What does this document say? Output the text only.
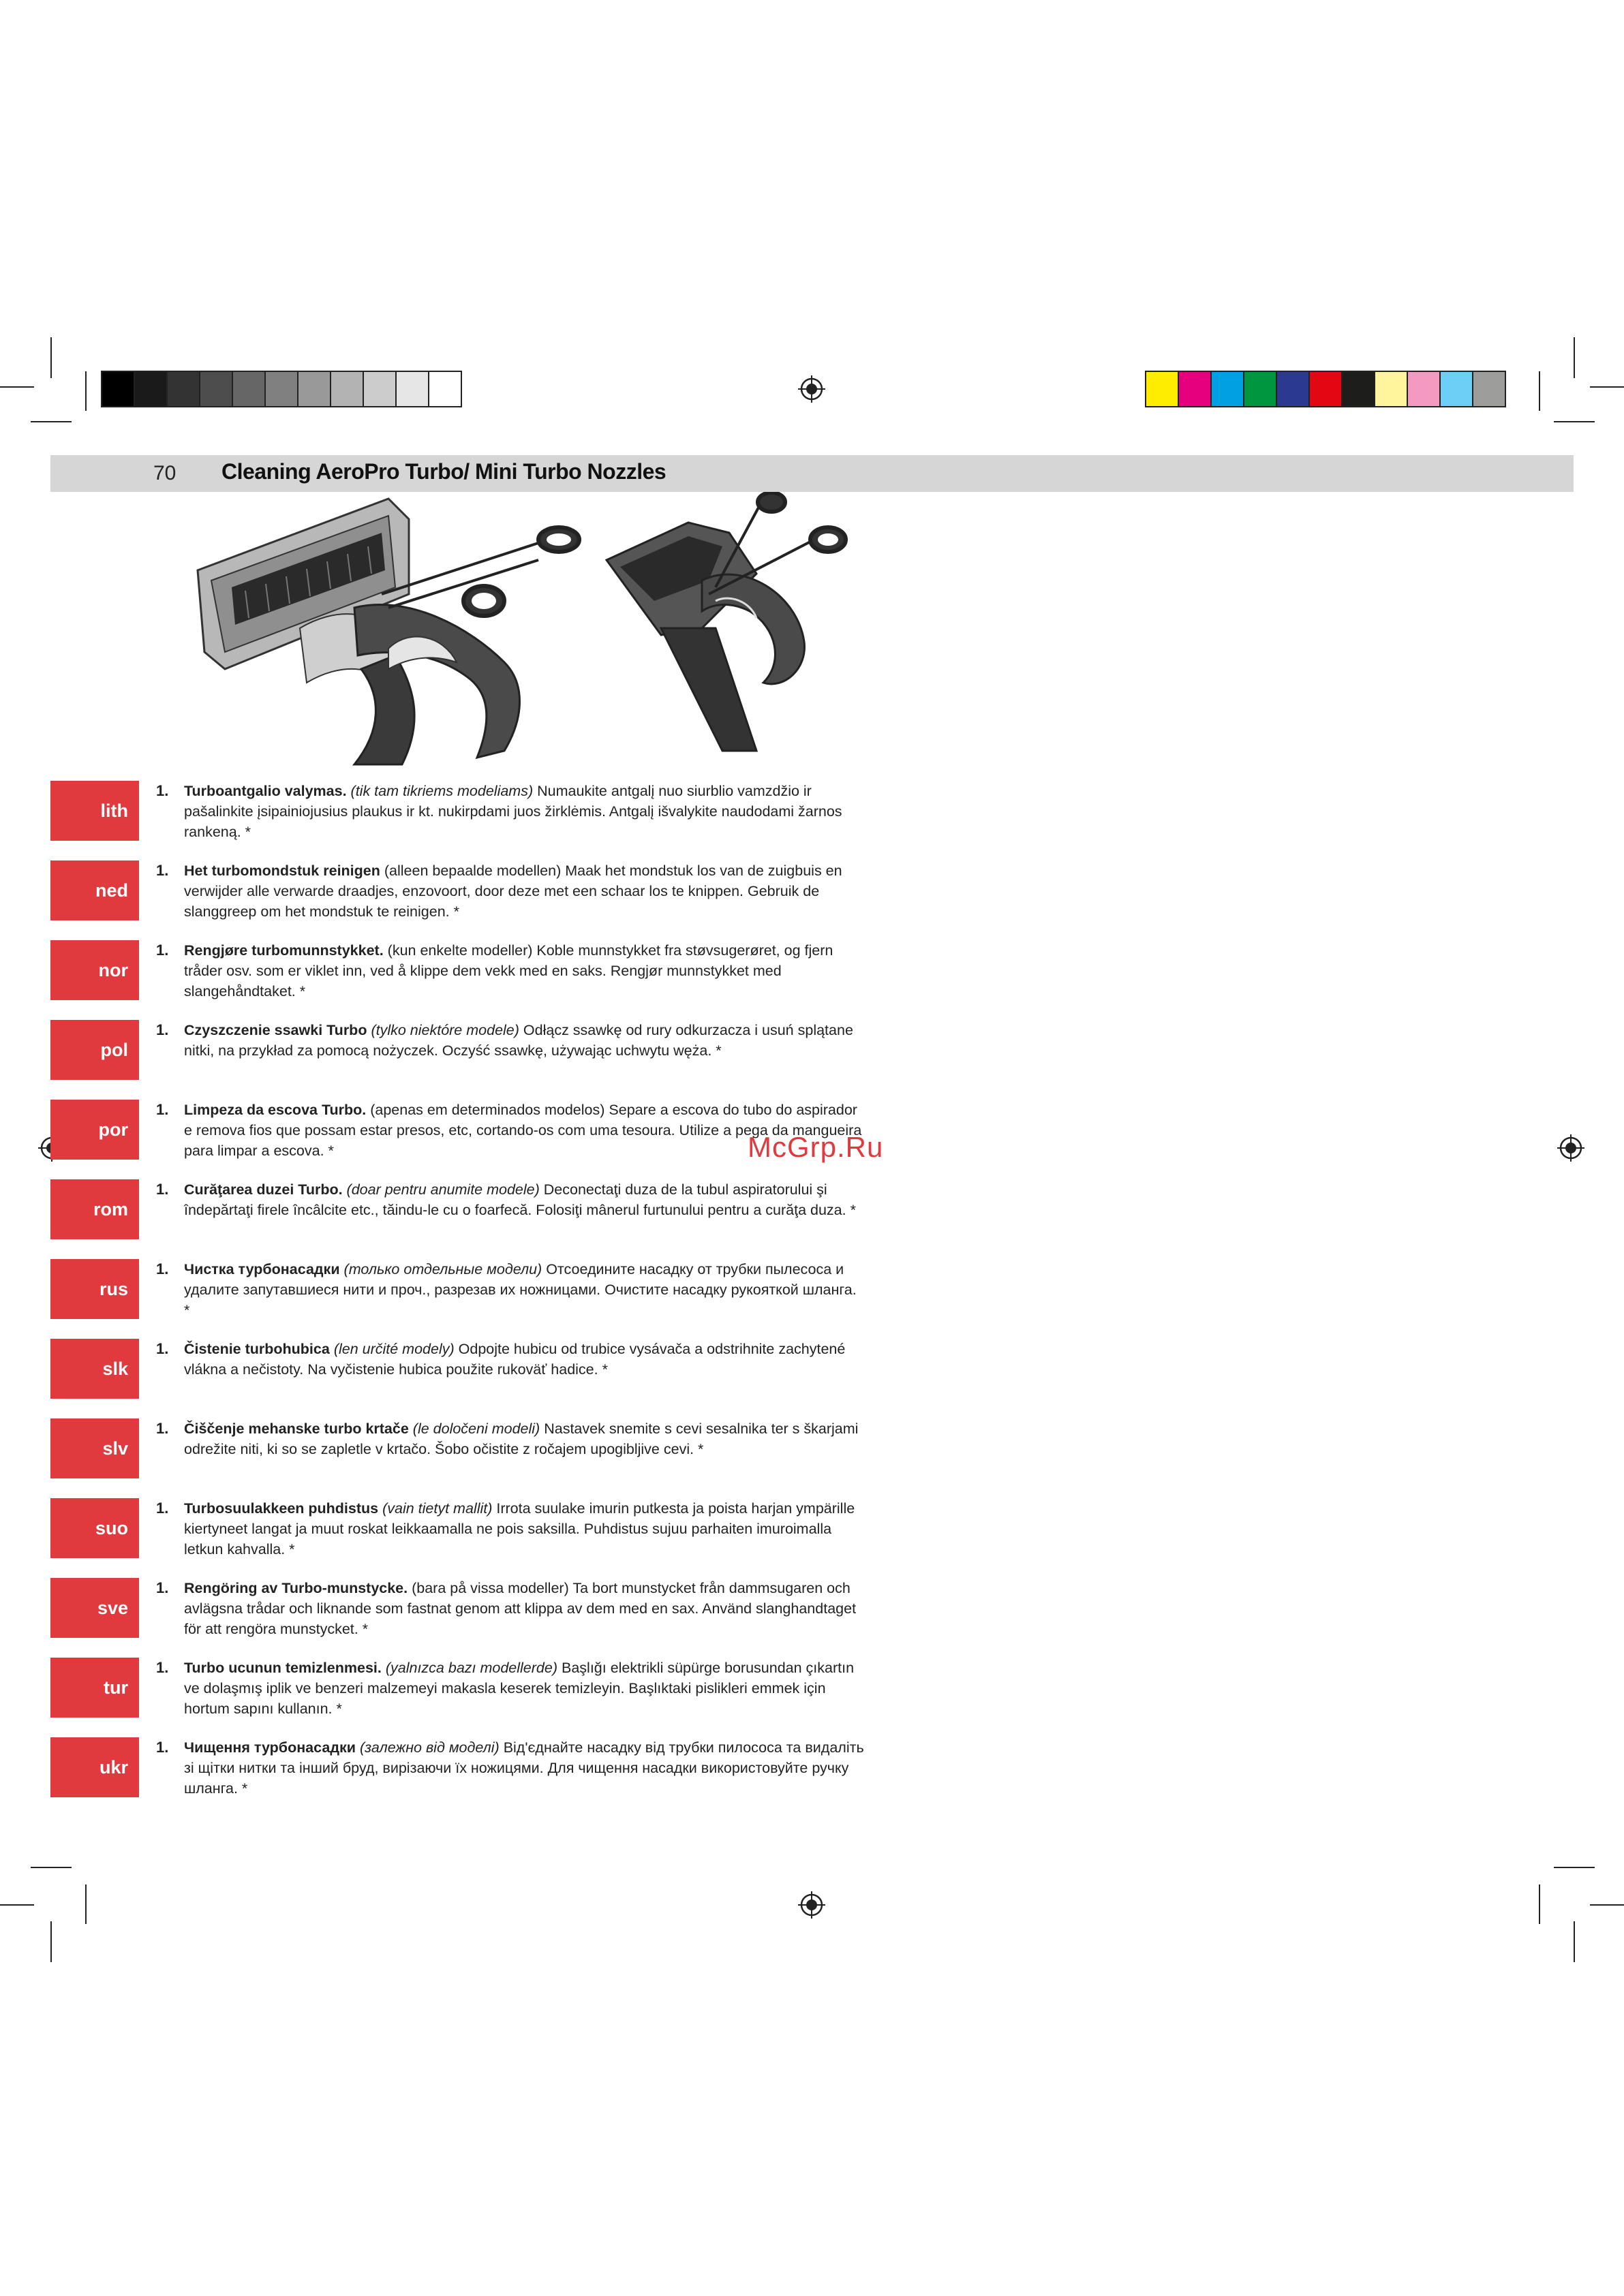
70 Cleaning AeroPro Turbo/ Mini Turbo Nozzles
McGrp.Ru
lith
1. Turboantgalio valymas. (tik tam tikriems modeliams) Numaukite antgalį nuo siurblio vamzdžio ir pašalinkite įsipainiojusius plaukus ir kt. nukirpdami juos žirklėmis. Antgalį išvalykite naudodami žarnos rankeną. *
ned
1. Het turbomondstuk reinigen (alleen bepaalde modellen) Maak het mondstuk los van de zuigbuis en verwijder alle verwarde draadjes, enzovoort, door deze met een schaar los te knippen. Gebruik de slanggreep om het mondstuk te reinigen. *
nor
1. Rengjøre turbomunnstykket. (kun enkelte modeller) Koble munnstykket fra støvsugerøret, og fjern tråder osv. som er viklet inn, ved å klippe dem vekk med en saks. Rengjør munnstykket med slangehåndtaket. *
pol
1. Czyszczenie ssawki Turbo (tylko niektóre modele) Odłącz ssawkę od rury odkurzacza i usuń splątane nitki, na przykład za pomocą nożyczek. Oczyść ssawkę, używając uchwytu węża. *
por
1. Limpeza da escova Turbo. (apenas em determinados modelos) Separe a escova do tubo do aspirador e remova fios que possam estar presos, etc, cortando-os com uma tesoura. Utilize a pega da mangueira para limpar a escova. *
rom
1. Curăţarea duzei Turbo. (doar pentru anumite modele) Deconectaţi duza de la tubul aspiratorului şi îndepărtaţi firele încâlcite etc., tăindu-le cu o foarfecă. Folosiţi mânerul furtunului pentru a curăţa duza. *
rus
1. Чистка турбонасадки (только отдельные модели) Отсоедините насадку от трубки пылесоса и удалите запутавшиеся нити и проч., разрезав их ножницами. Очистите насадку рукояткой шланга. *
slk
1. Čistenie turbohubica (len určité modely) Odpojte hubicu od trubice vysávača a odstrihnite zachytené vlákna a nečistoty. Na vyčistenie hubica použite rukoväť hadice. *
slv
1. Čiščenje mehanske turbo krtače (le določeni modeli) Nastavek snemite s cevi sesalnika ter s škarjami odrežite niti, ki so se zapletle v krtačo. Šobo očistite z ročajem upogibljive cevi. *
suo
1. Turbosuulakkeen puhdistus (vain tietyt mallit) Irrota suulake imurin putkesta ja poista harjan ympärille kiertyneet langat ja muut roskat leikkaamalla ne pois saksilla. Puhdistus sujuu parhaiten imuroimalla letkun kahvalla. *
sve
1. Rengöring av Turbo-munstycke. (bara på vissa modeller) Ta bort munstycket från dammsugaren och avlägsna trådar och liknande som fastnat genom att klippa av dem med en sax. Använd slanghandtaget för att rengöra munstycket. *
tur
1. Turbo ucunun temizlenmesi. (yalnızca bazı modellerde) Başlığı elektrikli süpürge borusundan çıkartın ve dolaşmış iplik ve benzeri malzemeyi makasla keserek temizleyin. Başlıktaki pislikleri emmek için hortum sapını kullanın. *
ukr
1. Чищення турбонасадки (залежно від моделі) Від'єднайте насадку від трубки пилососа та видаліть зі щітки нитки та інший бруд, вирізаючи їх ножицями. Для чищення насадки використовуйте ручку шланга. *
